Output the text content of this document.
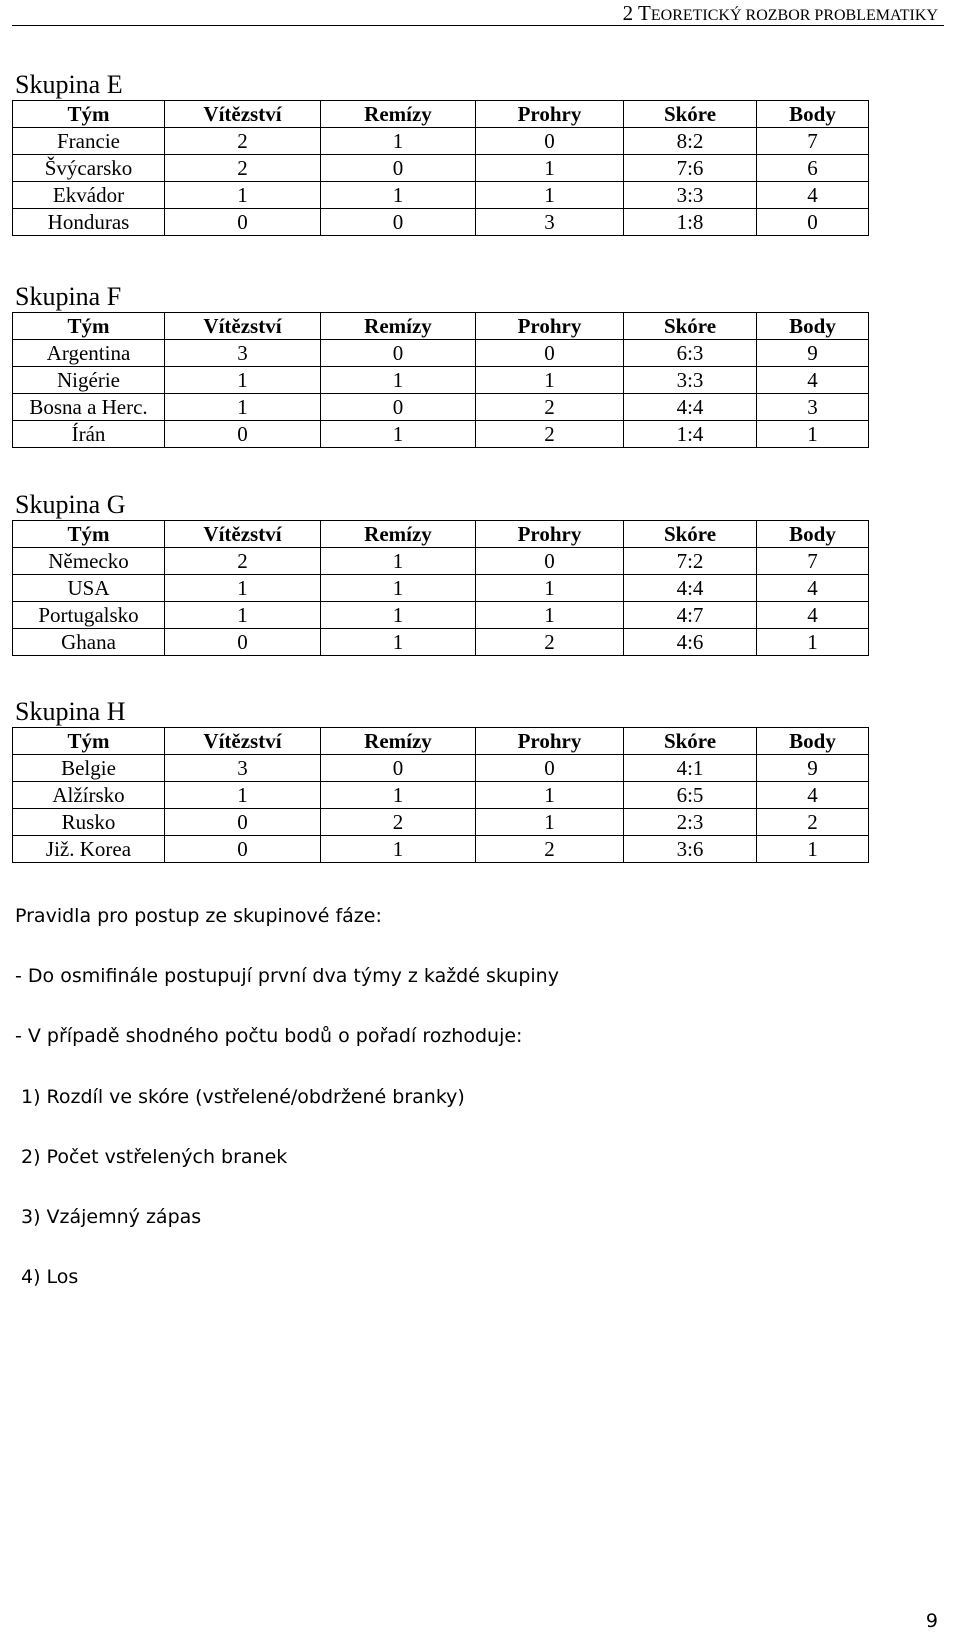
2 TEORETICKÝ ROZBOR PROBLEMATIKY
Skupina E
Tým	Vítězství	Remízy	Prohry	Skóre	Body
Francie	2	1	0	8:2	7
Švýcarsko	2	0	1	7:6	6
Ekvádor	1	1	1	3:3	4
Honduras	0	0	3	1:8	0
Skupina F
Tým	Vítězství	Remízy	Prohry	Skóre	Body
Argentina	3	0	0	6:3	9
Nigérie	1	1	1	3:3	4
Bosna a Herc.	1	0	2	4:4	3
Írán	0	1	2	1:4	1
Skupina G
Tým	Vítězství	Remízy	Prohry	Skóre	Body
Německo	2	1	0	7:2	7
USA	1	1	1	4:4	4
Portugalsko	1	1	1	4:7	4
Ghana	0	1	2	4:6	1
Skupina H
Tým	Vítězství	Remízy	Prohry	Skóre	Body
Belgie	3	0	0	4:1	9
Alžírsko	1	1	1	6:5	4
Rusko	0	2	1	2:3	2
Již. Korea	0	1	2	3:6	1

Pravidla pro postup ze skupinové fáze:

- Do osmifinále postupují první dva týmy z každé skupiny

- V případě shodného počtu bodů o pořadí rozhoduje:

1) Rozdíl ve skóre (vstřelené/obdržené branky)

2) Počet vstřelených branek

3) Vzájemný zápas

4) Los

9
